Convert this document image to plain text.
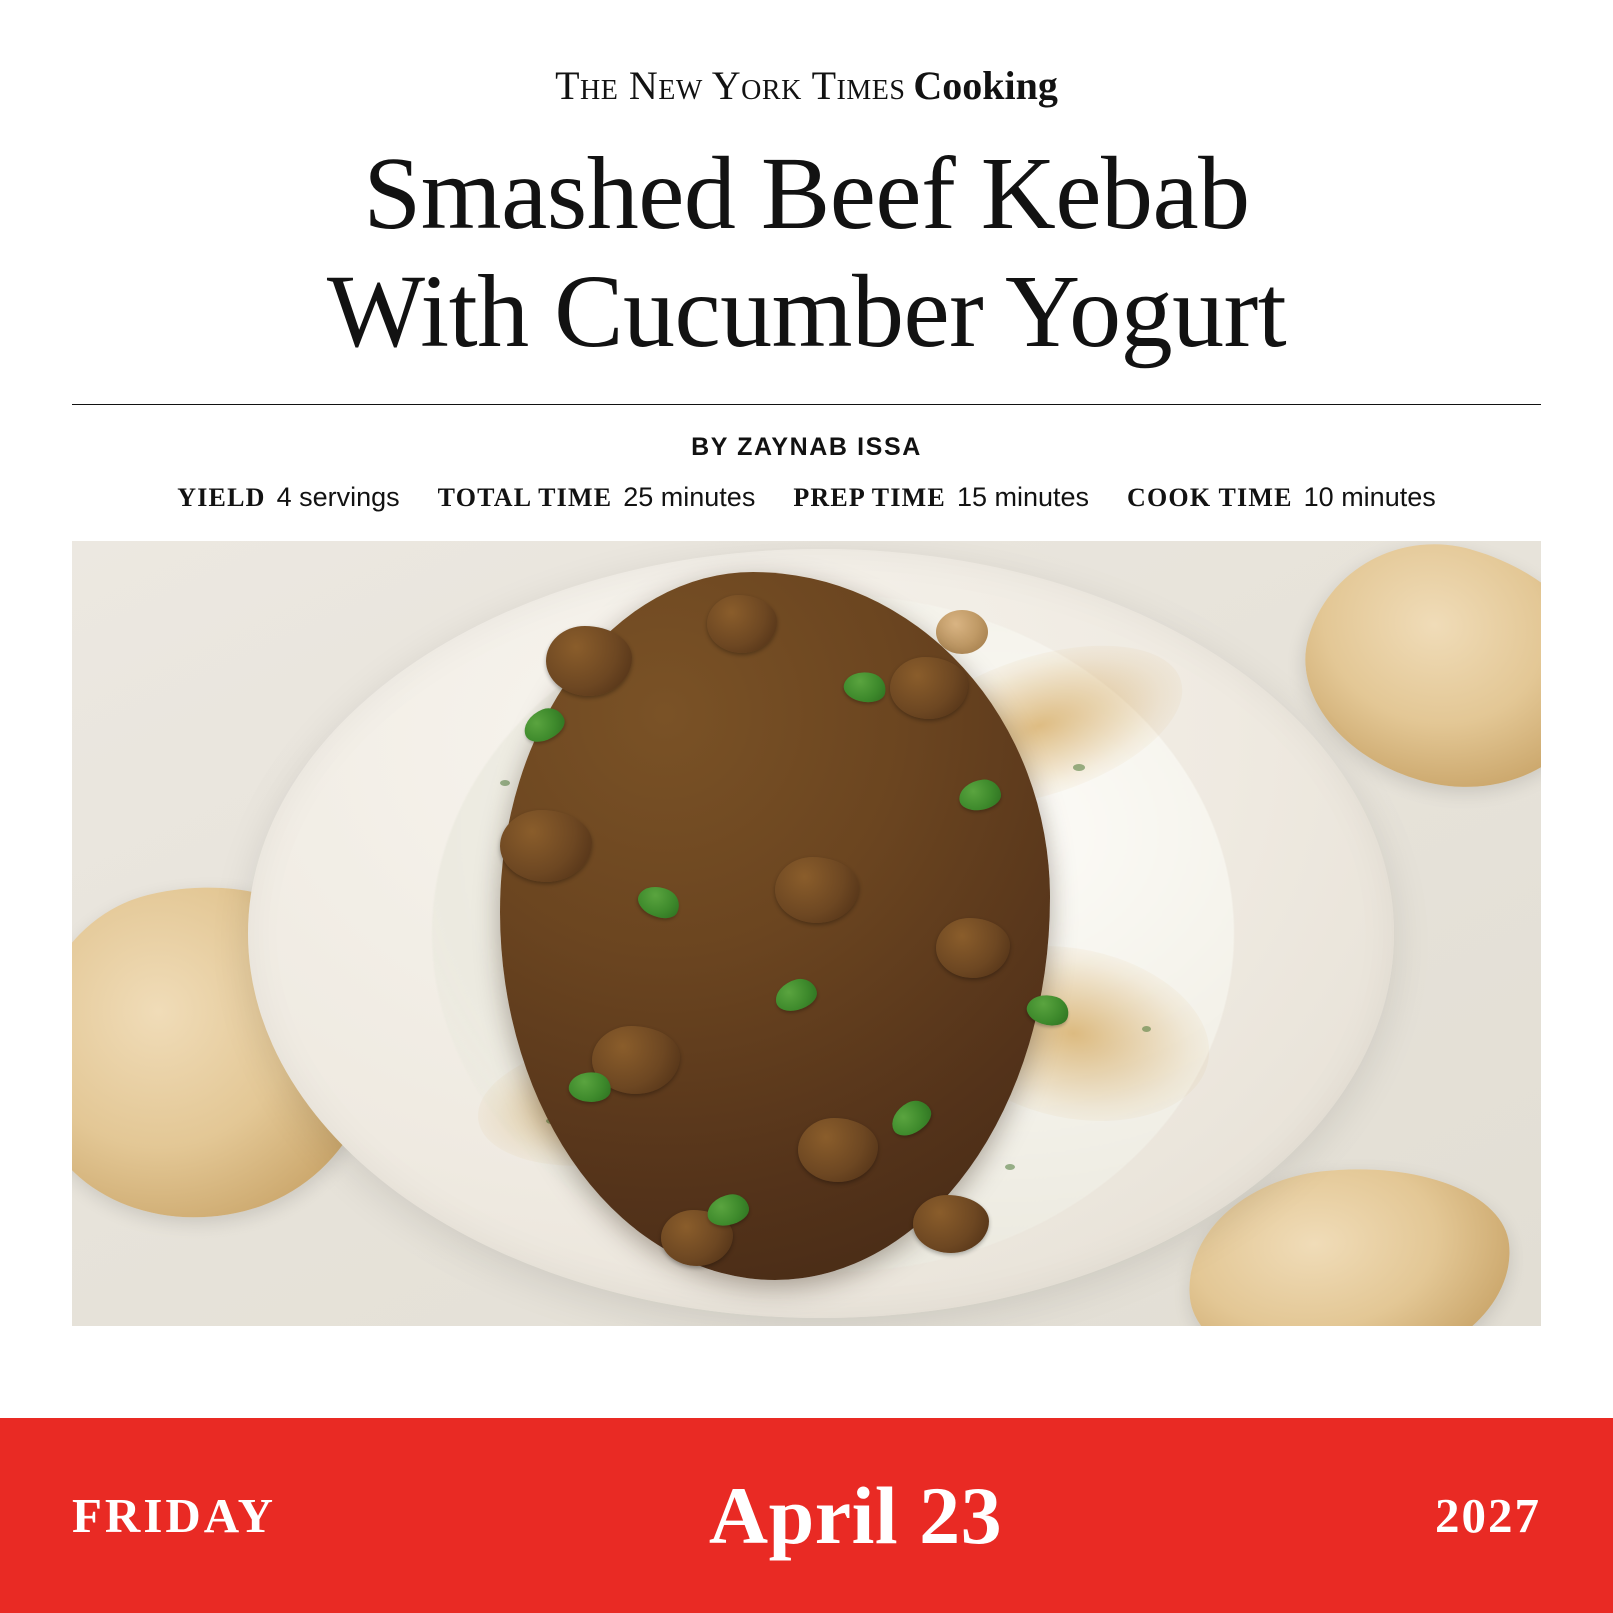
The New York Times Cooking
Smashed Beef Kebab
With Cucumber Yogurt
BY ZAYNAB ISSA
YIELD 4 servings TOTAL TIME 25 minutes PREP TIME 15 minutes COOK TIME 10 minutes
FRIDAY	April 23	2027
